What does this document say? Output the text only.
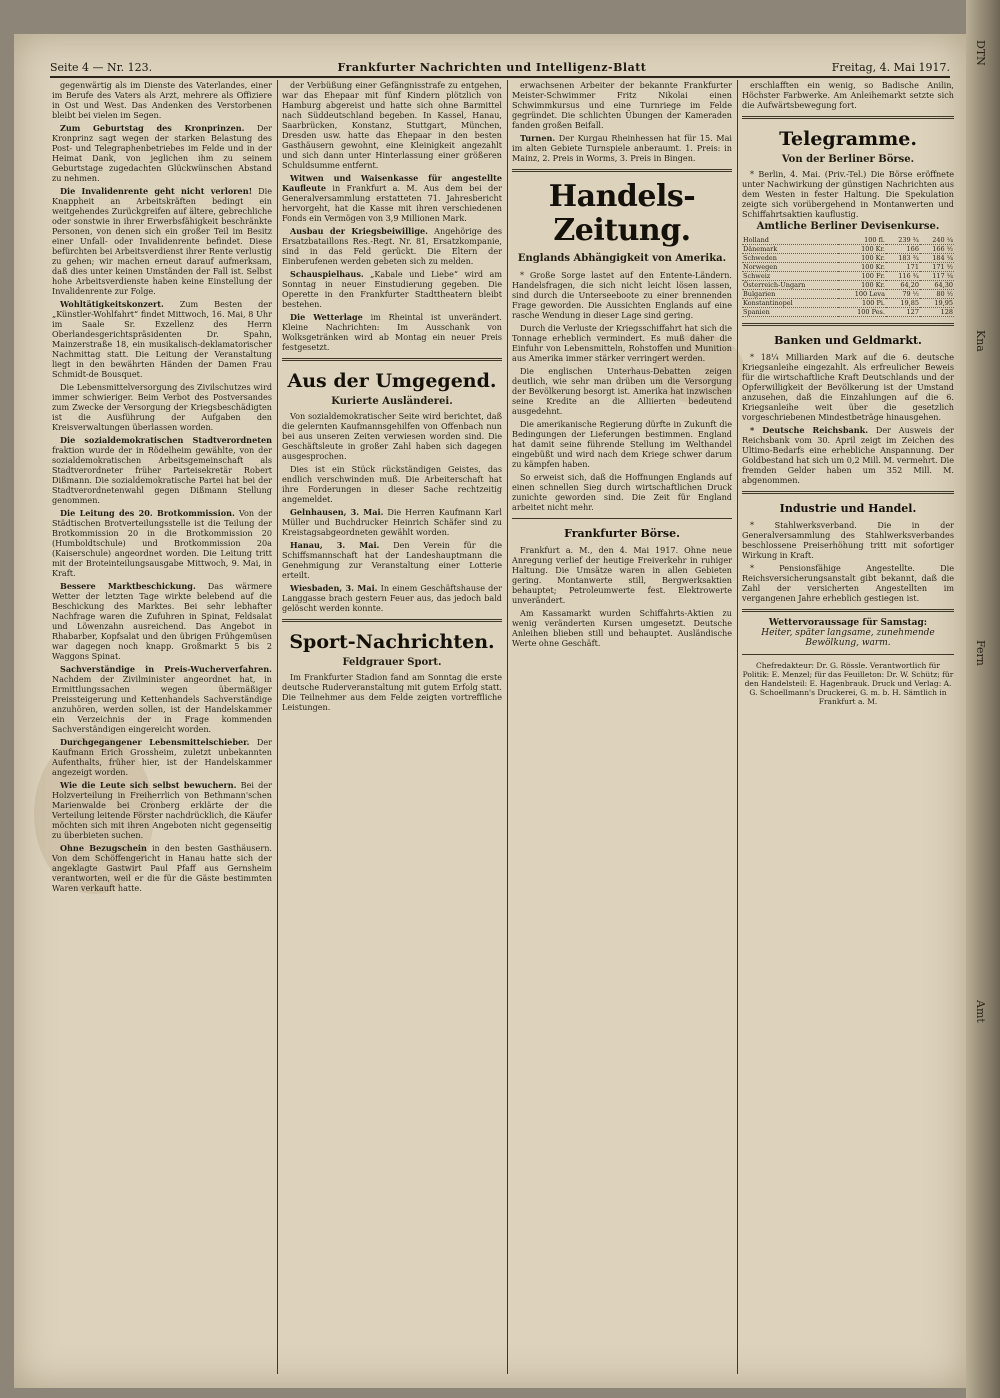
Seite 4 — Nr. 123.	Frankfurter Nachrichten und Intelligenz-Blatt	Freitag, 4. Mai 1917.

gegenwärtig als im Dienste des Vaterlandes, einer im Berufe des Vaters als Arzt, mehrere als Offiziere in Ost und West. Das Andenken des Verstorbenen bleibt bei vielen im Segen.

Zum Geburtstag des Kronprinzen. Der Kronprinz sagt wegen der starken Belastung des Post- und Telegraphenbetriebes im Felde und in der Heimat Dank, von jeglichen ihm zu seinem Geburtstage zugedachten Glückwünschen Abstand zu nehmen.

Die Invalidenrente geht nicht verloren! Die Knappheit an Arbeitskräften bedingt ein weitgehendes Zurückgreifen auf ältere, gebrechliche oder sonstwie in ihrer Erwerbsfähigkeit beschränkte Personen, von denen sich ein großer Teil im Besitz einer Unfall- oder Invalidenrente befindet. Diese befürchten bei Arbeitsverdienst ihrer Rente verlustig zu gehen; wir machen erneut darauf aufmerksam, daß dies unter keinen Umständen der Fall ist. Selbst hohe Arbeitsverdienste haben keine Einstellung der Invalidenrente zur Folge.

Wohltätigkeitskonzert. Zum Besten der „Künstler-Wohlfahrt“ findet Mittwoch, 16. Mai, 8 Uhr im Saale Sr. Exzellenz des Herrn Oberlandesgerichtspräsidenten Dr. Spahn, Mainzerstraße 18, ein musikalisch-deklamatorischer Nachmittag statt. Die Leitung der Veranstaltung liegt in den bewährten Händen der Damen Frau Schmidt-de Bousquet.

Die Lebensmittelversorgung des Zivilschutzes wird immer schwieriger. Beim Verbot des Postversandes zum Zwecke der Versorgung der Kriegsbeschädigten ist die Ausführung der Aufgaben den Kreisverwaltungen überlassen worden.

Die sozialdemokratischen Stadtverordneten fraktion wurde der in Rödelheim gewählte, von der sozialdemokratischen Arbeitsgemeinschaft als Stadtverordneter früher Parteisekretär Robert Dißmann. Die sozialdemokratische Partei hat bei der Stadtverordnetenwahl gegen Dißmann Stellung genommen.

Die Leitung des 20. Brotkommission. Von der Städtischen Brotverteilungsstelle ist die Teilung der Brotkommission 20 in die Brotkommission 20 (Humboldtschule) und Brotkommission 20a (Kaiserschule) angeordnet worden. Die Leitung tritt mit der Broteinteilungsausgabe Mittwoch, 9. Mai, in Kraft.

Bessere Marktbeschickung. Das wärmere Wetter der letzten Tage wirkte belebend auf die Beschickung des Marktes. Bei sehr lebhafter Nachfrage waren die Zufuhren in Spinat, Feldsalat und Löwenzahn ausreichend. Das Angebot in Rhabarber, Kopfsalat und den übrigen Frühgemüsen war dagegen noch knapp. Großmarkt 5 bis 2 Waggons Spinat.

Sachverständige in Preis-Wucherverfahren. Nachdem der Zivilminister angeordnet hat, in Ermittlungssachen wegen übermäßiger Preissteigerung und Kettenhandels Sachverständige anzuhören, werden sollen, ist der Handelskammer ein Verzeichnis der in Frage kommenden Sachverständigen eingereicht worden.

Durchgegangener Lebensmittelschieber. Der Kaufmann Erich Grossheim, zuletzt unbekannten Aufenthalts, früher hier, ist der Handelskammer angezeigt worden.

Wie die Leute sich selbst bewuchern. Bei der Holzverteilung in Freiherrlich von Bethmann'schen Marienwalde bei Cronberg erklärte der die Verteilung leitende Förster nachdrücklich, die Käufer möchten sich mit ihren Angeboten nicht gegenseitig zu überbieten suchen.

Ohne Bezugschein in den besten Gasthäusern. Von dem Schöffengericht in Hanau hatte sich der angeklagte Gastwirt Paul Pfaff aus Gernsheim verantworten, weil er die für die Gäste bestimmten Waren verkauft hatte.

der Verbüßung einer Gefängnisstrafe zu entgehen, war das Ehepaar mit fünf Kindern plötzlich von Hamburg abgereist und hatte sich ohne Barmittel nach Süddeutschland begeben. In Kassel, Hanau, Saarbrücken, Konstanz, Stuttgart, München, Dresden usw. hatte das Ehepaar in den besten Gasthäusern gewohnt, eine Kleinigkeit angezahlt und sich dann unter Hinterlassung einer größeren Schuldsumme entfernt.

Witwen und Waisenkasse für angestellte Kaufleute in Frankfurt a. M. Aus dem bei der Generalversammlung erstatteten 71. Jahresbericht hervorgeht, hat die Kasse mit ihren verschiedenen Fonds ein Vermögen von 3,9 Millionen Mark.

Ausbau der Kriegsbeiwillige. Angehörige des Ersatzbataillons Res.-Regt. Nr. 81, Ersatzkompanie, sind in das Feld gerückt. Die Eltern der Einberufenen werden gebeten sich zu melden.

Schauspielhaus. „Kabale und Liebe“ wird am Sonntag in neuer Einstudierung gegeben. Die Operette in den Frankfurter Stadttheatern bleibt bestehen.

Die Wetterlage im Rheintal ist unverändert. Kleine Nachrichten: Im Ausschank von Wolksgetränken wird ab Montag ein neuer Preis festgesetzt.

Aus der Umgegend.
Kurierte Ausländerei.

Von sozialdemokratischer Seite wird berichtet, daß die gelernten Kaufmannsgehilfen von Offenbach nun bei aus unseren Zeiten verwiesen worden sind. Die Geschäftsleute in großer Zahl haben sich dagegen ausgesprochen.

Dies ist ein Stück rückständigen Geistes, das endlich verschwinden muß. Die Arbeiterschaft hat ihre Forderungen in dieser Sache rechtzeitig angemeldet.

Gelnhausen, 3. Mai. Die Herren Kaufmann Karl Müller und Buchdrucker Heinrich Schäfer sind zu Kreistagsabgeordneten gewählt worden.

Hanau, 3. Mai. Den Verein für die Schiffsmannschaft hat der Landeshauptmann die Genehmigung zur Veranstaltung einer Lotterie erteilt.

Wiesbaden, 3. Mai. In einem Geschäftshause der Langgasse brach gestern Feuer aus, das jedoch bald gelöscht werden konnte.

Sport-Nachrichten.
Feldgrauer Sport.

Im Frankfurter Stadion fand am Sonntag die erste deutsche Ruderveranstaltung mit gutem Erfolg statt. Die Teilnehmer aus dem Felde zeigten vortreffliche Leistungen.

erwachsenen Arbeiter der bekannte Frankfurter Meister-Schwimmer Fritz Nikolai einen Schwimmkursus und eine Turnriege im Felde gegründet. Die schlichten Übungen der Kameraden fanden großen Beifall.

Turnen. Der Kurgau Rheinhessen hat für 15. Mai im alten Gebiete Turnspiele anberaumt. 1. Preis: in Mainz, 2. Preis in Worms, 3. Preis in Bingen.

Handels-Zeitung.
Englands Abhängigkeit von Amerika.

* Große Sorge lastet auf den Entente-Ländern. Handelsfragen, die sich nicht leicht lösen lassen, sind durch die Unterseeboote zu einer brennenden Frage geworden. Die Aussichten Englands auf eine rasche Wendung in dieser Lage sind gering.

Durch die Verluste der Kriegsschiffahrt hat sich die Tonnage erheblich vermindert. Es muß daher die Einfuhr von Lebensmitteln, Rohstoffen und Munition aus Amerika immer stärker verringert werden.

Die englischen Unterhaus-Debatten zeigen deutlich, wie sehr man drüben um die Versorgung der Bevölkerung besorgt ist. Amerika hat inzwischen seine Kredite an die Alliierten bedeutend ausgedehnt.

Die amerikanische Regierung dürfte in Zukunft die Bedingungen der Lieferungen bestimmen. England hat damit seine führende Stellung im Welthandel eingebüßt und wird nach dem Kriege schwer darum zu kämpfen haben.

So erweist sich, daß die Hoffnungen Englands auf einen schnellen Sieg durch wirtschaftlichen Druck zunichte geworden sind. Die Zeit für England arbeitet nicht mehr.

Frankfurter Börse.

Frankfurt a. M., den 4. Mai 1917. Ohne neue Anregung verlief der heutige Freiverkehr in ruhiger Haltung. Die Umsätze waren in allen Gebieten gering. Montanwerte still, Bergwerksaktien behauptet; Petroleumwerte fest. Elektrowerte unverändert.

Am Kassamarkt wurden Schiffahrts-Aktien zu wenig veränderten Kursen umgesetzt. Deutsche Anleihen blieben still und behauptet. Ausländische Werte ohne Geschäft.

erschlafften ein wenig, so Badische Anilin, Höchster Farbwerke. Am Anleihemarkt setzte sich die Aufwärtsbewegung fort.

Telegramme.
Von der Berliner Börse.

* Berlin, 4. Mai. (Priv.-Tel.) Die Börse eröffnete unter Nachwirkung der günstigen Nachrichten aus dem Westen in fester Haltung. Die Spekulation zeigte sich vorübergehend in Montanwerten und Schiffahrtsaktien kauflustig.

Amtliche Berliner Devisenkurse.
Holland	100 fl.	239 ¾	240 ¼
Dänemark	100 Kr.	166	166 ½
Schweden	100 Kr.	183 ¾	184 ¼
Norwegen	100 Kr.	171	171 ½
Schweiz	100 Fr.	116 ¾	117 ¼
Österreich-Ungarn	100 Kr.	64,20	64,30
Bulgarien	100 Leva	79 ½	80 ½
Konstantinopel	100 Pi.	19,85	19,95
Spanien	100 Pes.	127	128
Banken und Geldmarkt.

* 18¼ Milliarden Mark auf die 6. deutsche Kriegsanleihe eingezahlt. Als erfreulicher Beweis für die wirtschaftliche Kraft Deutschlands und der Opferwilligkeit der Bevölkerung ist der Umstand anzusehen, daß die Einzahlungen auf die 6. Kriegsanleihe weit über die gesetzlich vorgeschriebenen Mindestbeträge hinausgehen.

* Deutsche Reichsbank. Der Ausweis der Reichsbank vom 30. April zeigt im Zeichen des Ultimo-Bedarfs eine erhebliche Anspannung. Der Goldbestand hat sich um 0,2 Mill. M. vermehrt. Die fremden Gelder haben um 352 Mill. M. abgenommen.

Industrie und Handel.

* Stahlwerksverband. Die in der Generalversammlung des Stahlwerksverbandes beschlossene Preiserhöhung tritt mit sofortiger Wirkung in Kraft.

* Pensionsfähige Angestellte. Die Reichsversicherungsanstalt gibt bekannt, daß die Zahl der versicherten Angestellten im vergangenen Jahre erheblich gestiegen ist.

Wettervoraussage für Samstag:
Heiter, später langsame, zunehmende Bewölkung, warm.
Chefredakteur: Dr. G. Rössle. Verantwortlich für Politik: E. Menzel; für das Feuilleton: Dr. W. Schütz; für den Handelsteil: E. Hagenbrauk. Druck und Verlag: A. G. Schoellmann's Druckerei, G. m. b. H. Sämtlich in Frankfurt a. M.
DTN
Kna
Fern
Amt
